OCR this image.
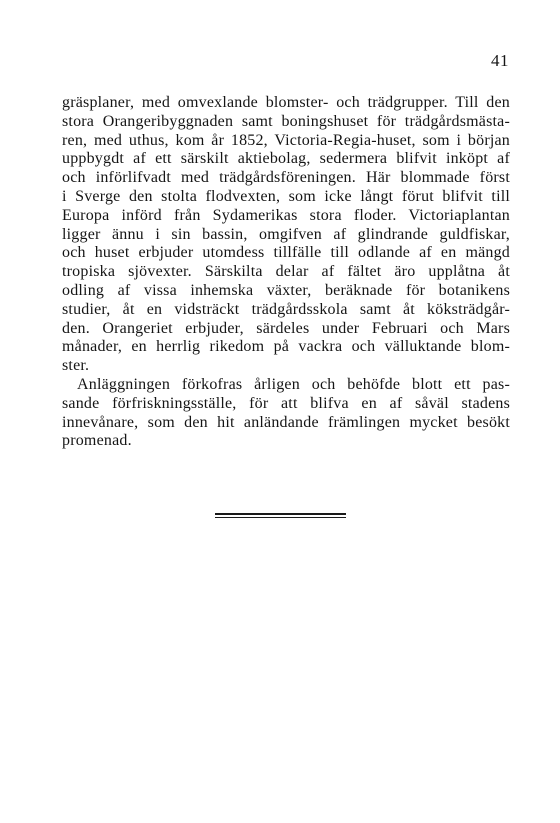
41
gräsplaner, med omvexlande blomster- och trädgrupper. Till den
stora Orangeribyggnaden samt boningshuset för trädgårdsmästa-
ren, med uthus, kom år 1852, Victoria-Regia-huset, som i början
uppbygdt af ett särskilt aktiebolag, sedermera blifvit inköpt af
och införlifvadt med trädgårdsföreningen. Här blommade först
i Sverge den stolta flodvexten, som icke långt förut blifvit till
Europa införd från Sydamerikas stora floder. Victoriaplantan
ligger ännu i sin bassin, omgifven af glindrande guldfiskar,
och huset erbjuder utomdess tillfälle till odlande af en mängd
tropiska sjövexter. Särskilta delar af fältet äro upplåtna åt
odling af vissa inhemska växter, beräknade för botanikens
studier, åt en vidsträckt trädgårdsskola samt åt köksträdgår-
den. Orangeriet erbjuder, särdeles under Februari och Mars
månader, en herrlig rikedom på vackra och välluktande blom-
ster.
Anläggningen förkofras årligen och behöfde blott ett pas-
sande förfriskningsställe, för att blifva en af såväl stadens
innevånare, som den hit anländande främlingen mycket besökt
promenad.
